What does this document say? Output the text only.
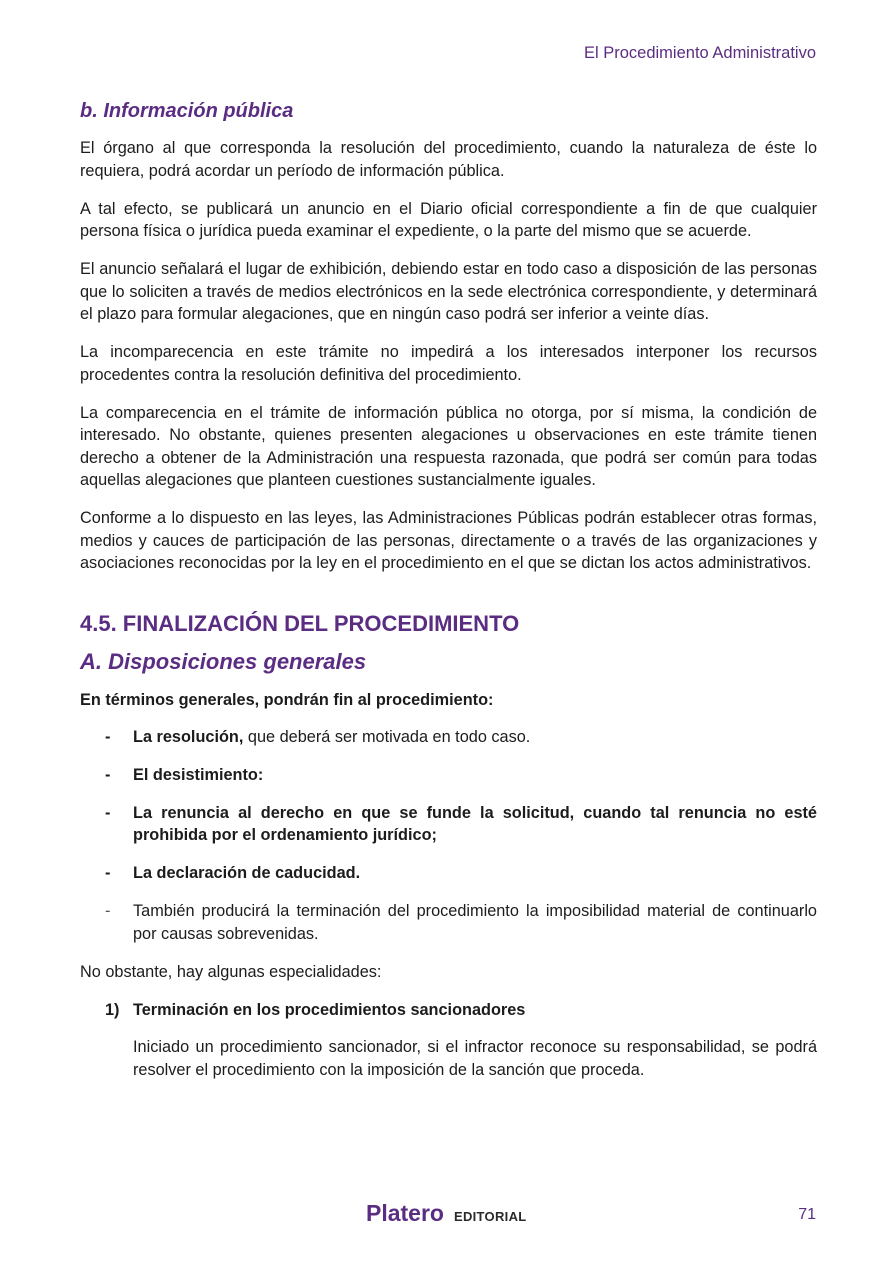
El Procedimiento Administrativo
b. Información pública

El órgano al que corresponda la resolución del procedimiento, cuando la naturaleza de éste lo requiera, podrá acordar un período de información pública.

A tal efecto, se publicará un anuncio en el Diario oficial correspondiente a fin de que cualquier persona física o jurídica pueda examinar el expediente, o la parte del mismo que se acuerde.

El anuncio señalará el lugar de exhibición, debiendo estar en todo caso a disposición de las personas que lo soliciten a través de medios electrónicos en la sede electrónica correspondiente, y determinará el plazo para formular alegaciones, que en ningún caso podrá ser inferior a veinte días.

La incomparecencia en este trámite no impedirá a los interesados interponer los recursos procedentes contra la resolución definitiva del procedimiento.

La comparecencia en el trámite de información pública no otorga, por sí misma, la condición de interesado. No obstante, quienes presenten alegaciones u observaciones en este trámite tienen derecho a obtener de la Administración una respuesta razonada, que podrá ser común para todas aquellas alegaciones que planteen cuestiones sustancialmente iguales.

Conforme a lo dispuesto en las leyes, las Administraciones Públicas podrán establecer otras formas, medios y cauces de participación de las personas, directamente o a través de las organizaciones y asociaciones reconocidas por la ley en el procedimiento en el que se dictan los actos administrativos.

4.5. FINALIZACIÓN DEL PROCEDIMIENTO
A. Disposiciones generales
En términos generales, pondrán fin al procedimiento:
- La resolución, que deberá ser motivada en todo caso.
- El desistimiento:
- La renuncia al derecho en que se funde la solicitud, cuando tal renuncia no esté prohibida por el ordenamiento jurídico;
- La declaración de caducidad.
- También producirá la terminación del procedimiento la imposibilidad material de continuarlo por causas sobrevenidas.

No obstante, hay algunas especialidades:

1) Terminación en los procedimientos sancionadores

Iniciado un procedimiento sancionador, si el infractor reconoce su responsabilidad, se podrá resolver el procedimiento con la imposición de la sanción que proceda.

Platero EDITORIAL	71
